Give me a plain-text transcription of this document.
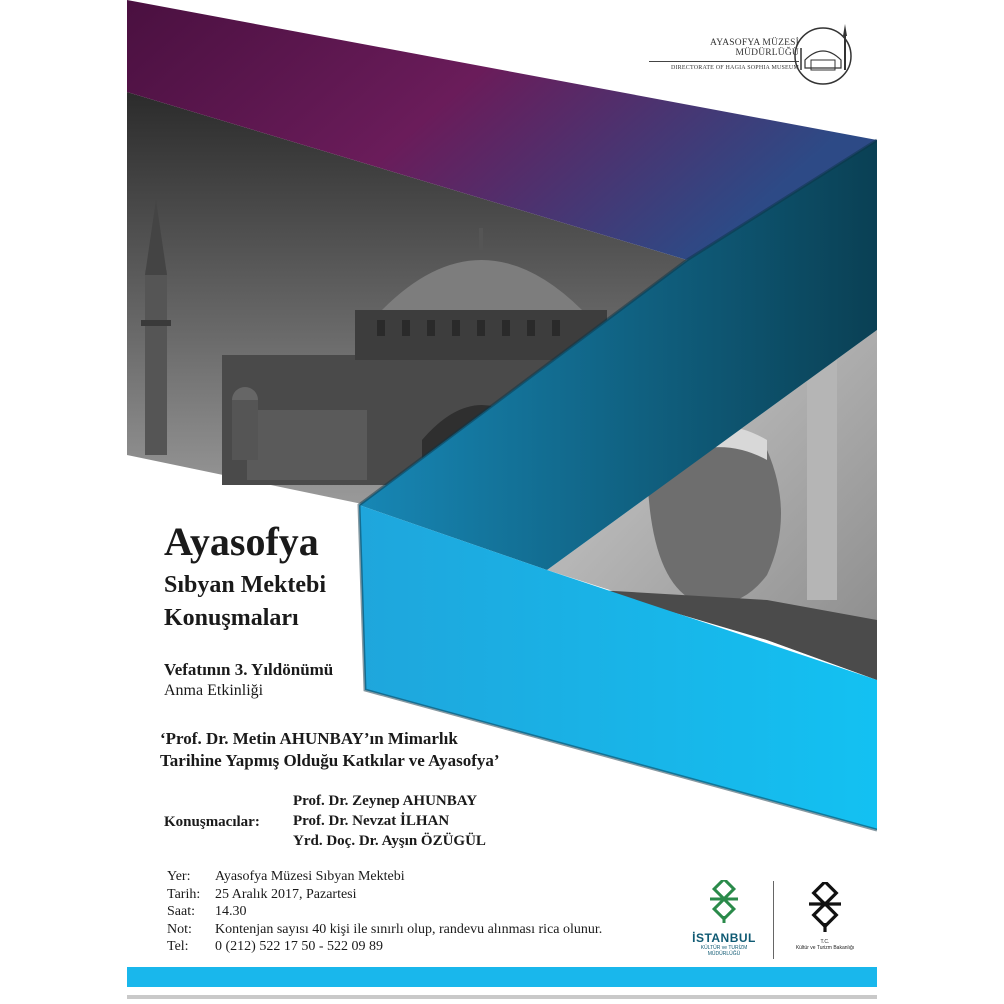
AYASOFYA MÜZESİ MÜDÜRLÜĞÜ
DIRECTORATE OF HAGIA SOPHIA MUSEUM
Ayasofya
Sıbyan Mektebi
Konuşmaları
Vefatının 3. Yıldönümü
Anma Etkinliği
‘Prof. Dr. Metin AHUNBAY’ın Mimarlık
Tarihine Yapmış Olduğu Katkılar ve Ayasofya’
Konuşmacılar:
Prof. Dr. Zeynep AHUNBAY
Prof. Dr. Nevzat İLHAN
Yrd. Doç. Dr. Ayşın ÖZÜGÜL
Yer: Ayasofya Müzesi Sıbyan Mektebi
Tarih: 25 Aralık 2017, Pazartesi
Saat: 14.30
Not: Kontenjan sayısı 40 kişi ile sınırlı olup, randevu alınması rica olunur.
Tel: 0 (212) 522 17 50 - 522 09 89
İSTANBUL
KÜLTÜR ve TURİZM
MÜDÜRLÜĞÜ
T.C.
Kültür ve Turizm Bakanlığı
